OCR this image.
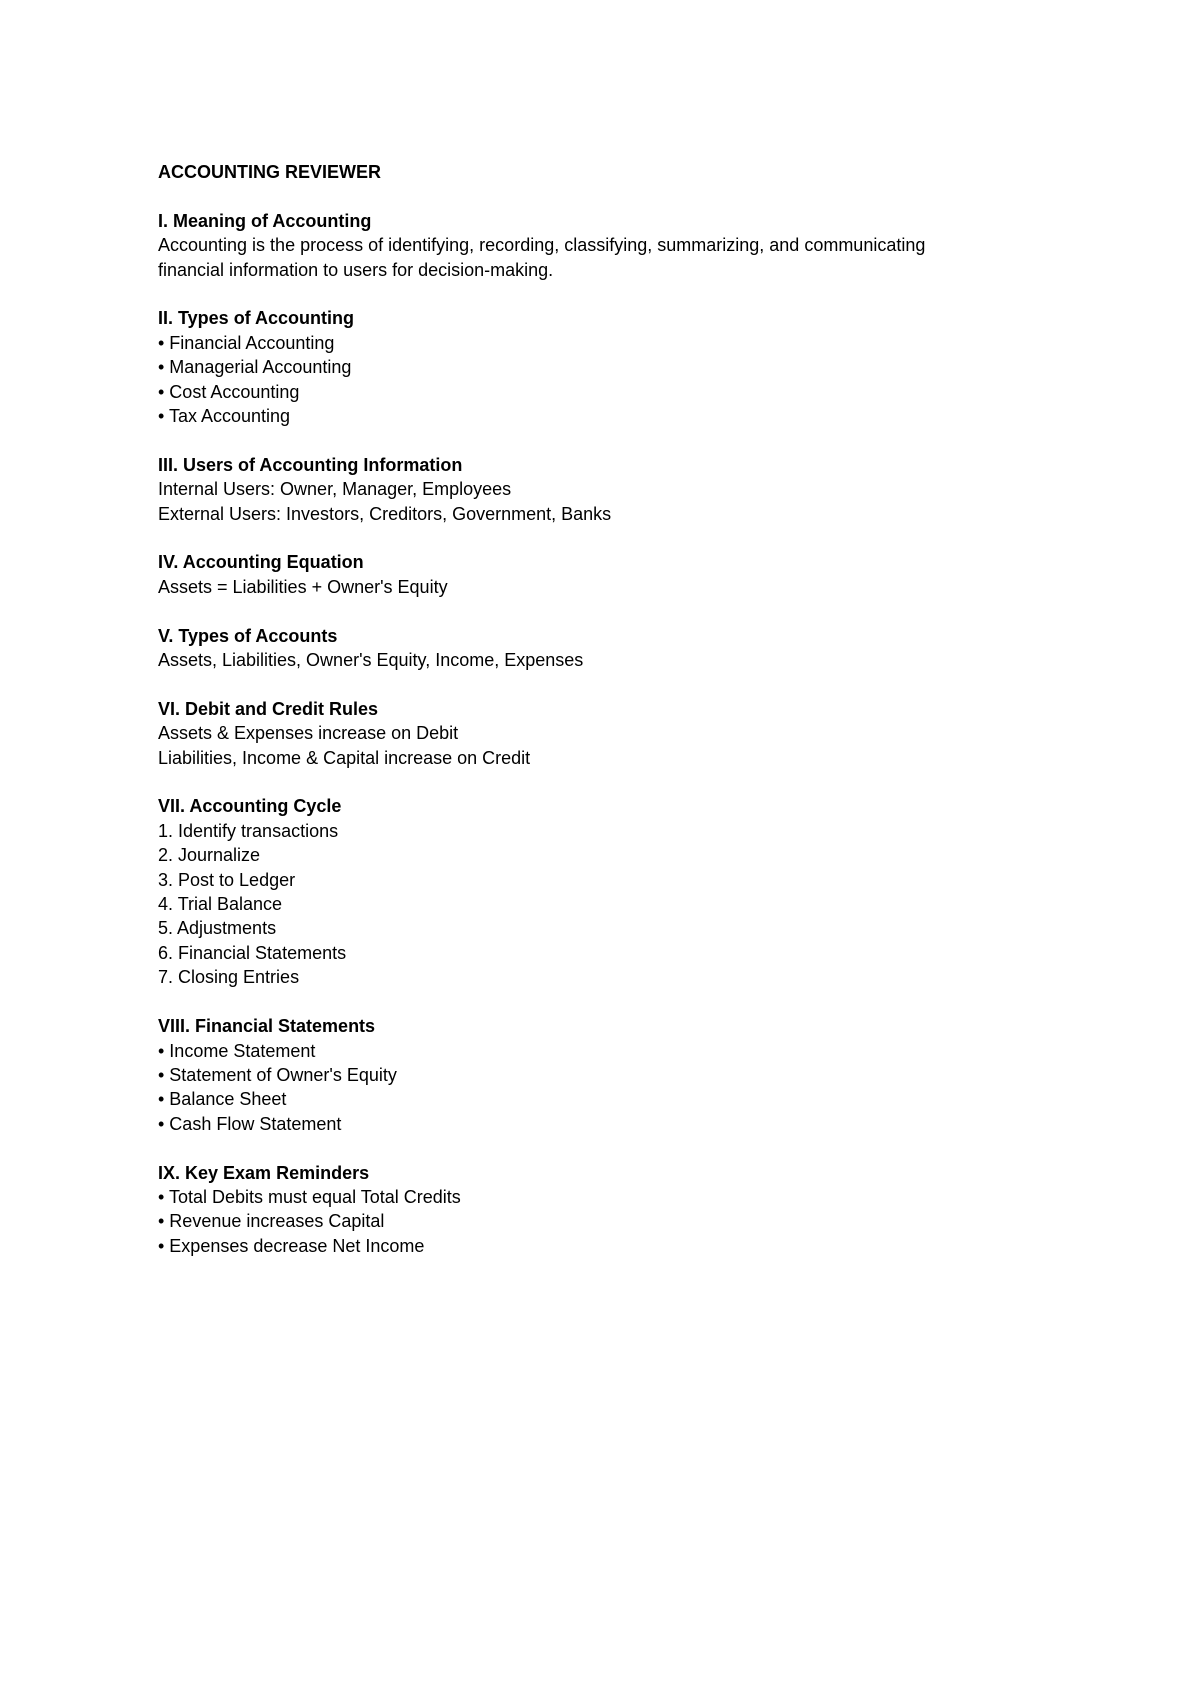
ACCOUNTING REVIEWER
I. Meaning of Accounting
Accounting is the process of identifying, recording, classifying, summarizing, and communicating
financial information to users for decision-making.
II. Types of Accounting
• Financial Accounting
• Managerial Accounting
• Cost Accounting
• Tax Accounting
III. Users of Accounting Information
Internal Users: Owner, Manager, Employees
External Users: Investors, Creditors, Government, Banks
IV. Accounting Equation
Assets = Liabilities + Owner's Equity
V. Types of Accounts
Assets, Liabilities, Owner's Equity, Income, Expenses
VI. Debit and Credit Rules
Assets & Expenses increase on Debit
Liabilities, Income & Capital increase on Credit
VII. Accounting Cycle
1. Identify transactions
2. Journalize
3. Post to Ledger
4. Trial Balance
5. Adjustments
6. Financial Statements
7. Closing Entries
VIII. Financial Statements
• Income Statement
• Statement of Owner's Equity
• Balance Sheet
• Cash Flow Statement
IX. Key Exam Reminders
• Total Debits must equal Total Credits
• Revenue increases Capital
• Expenses decrease Net Income
